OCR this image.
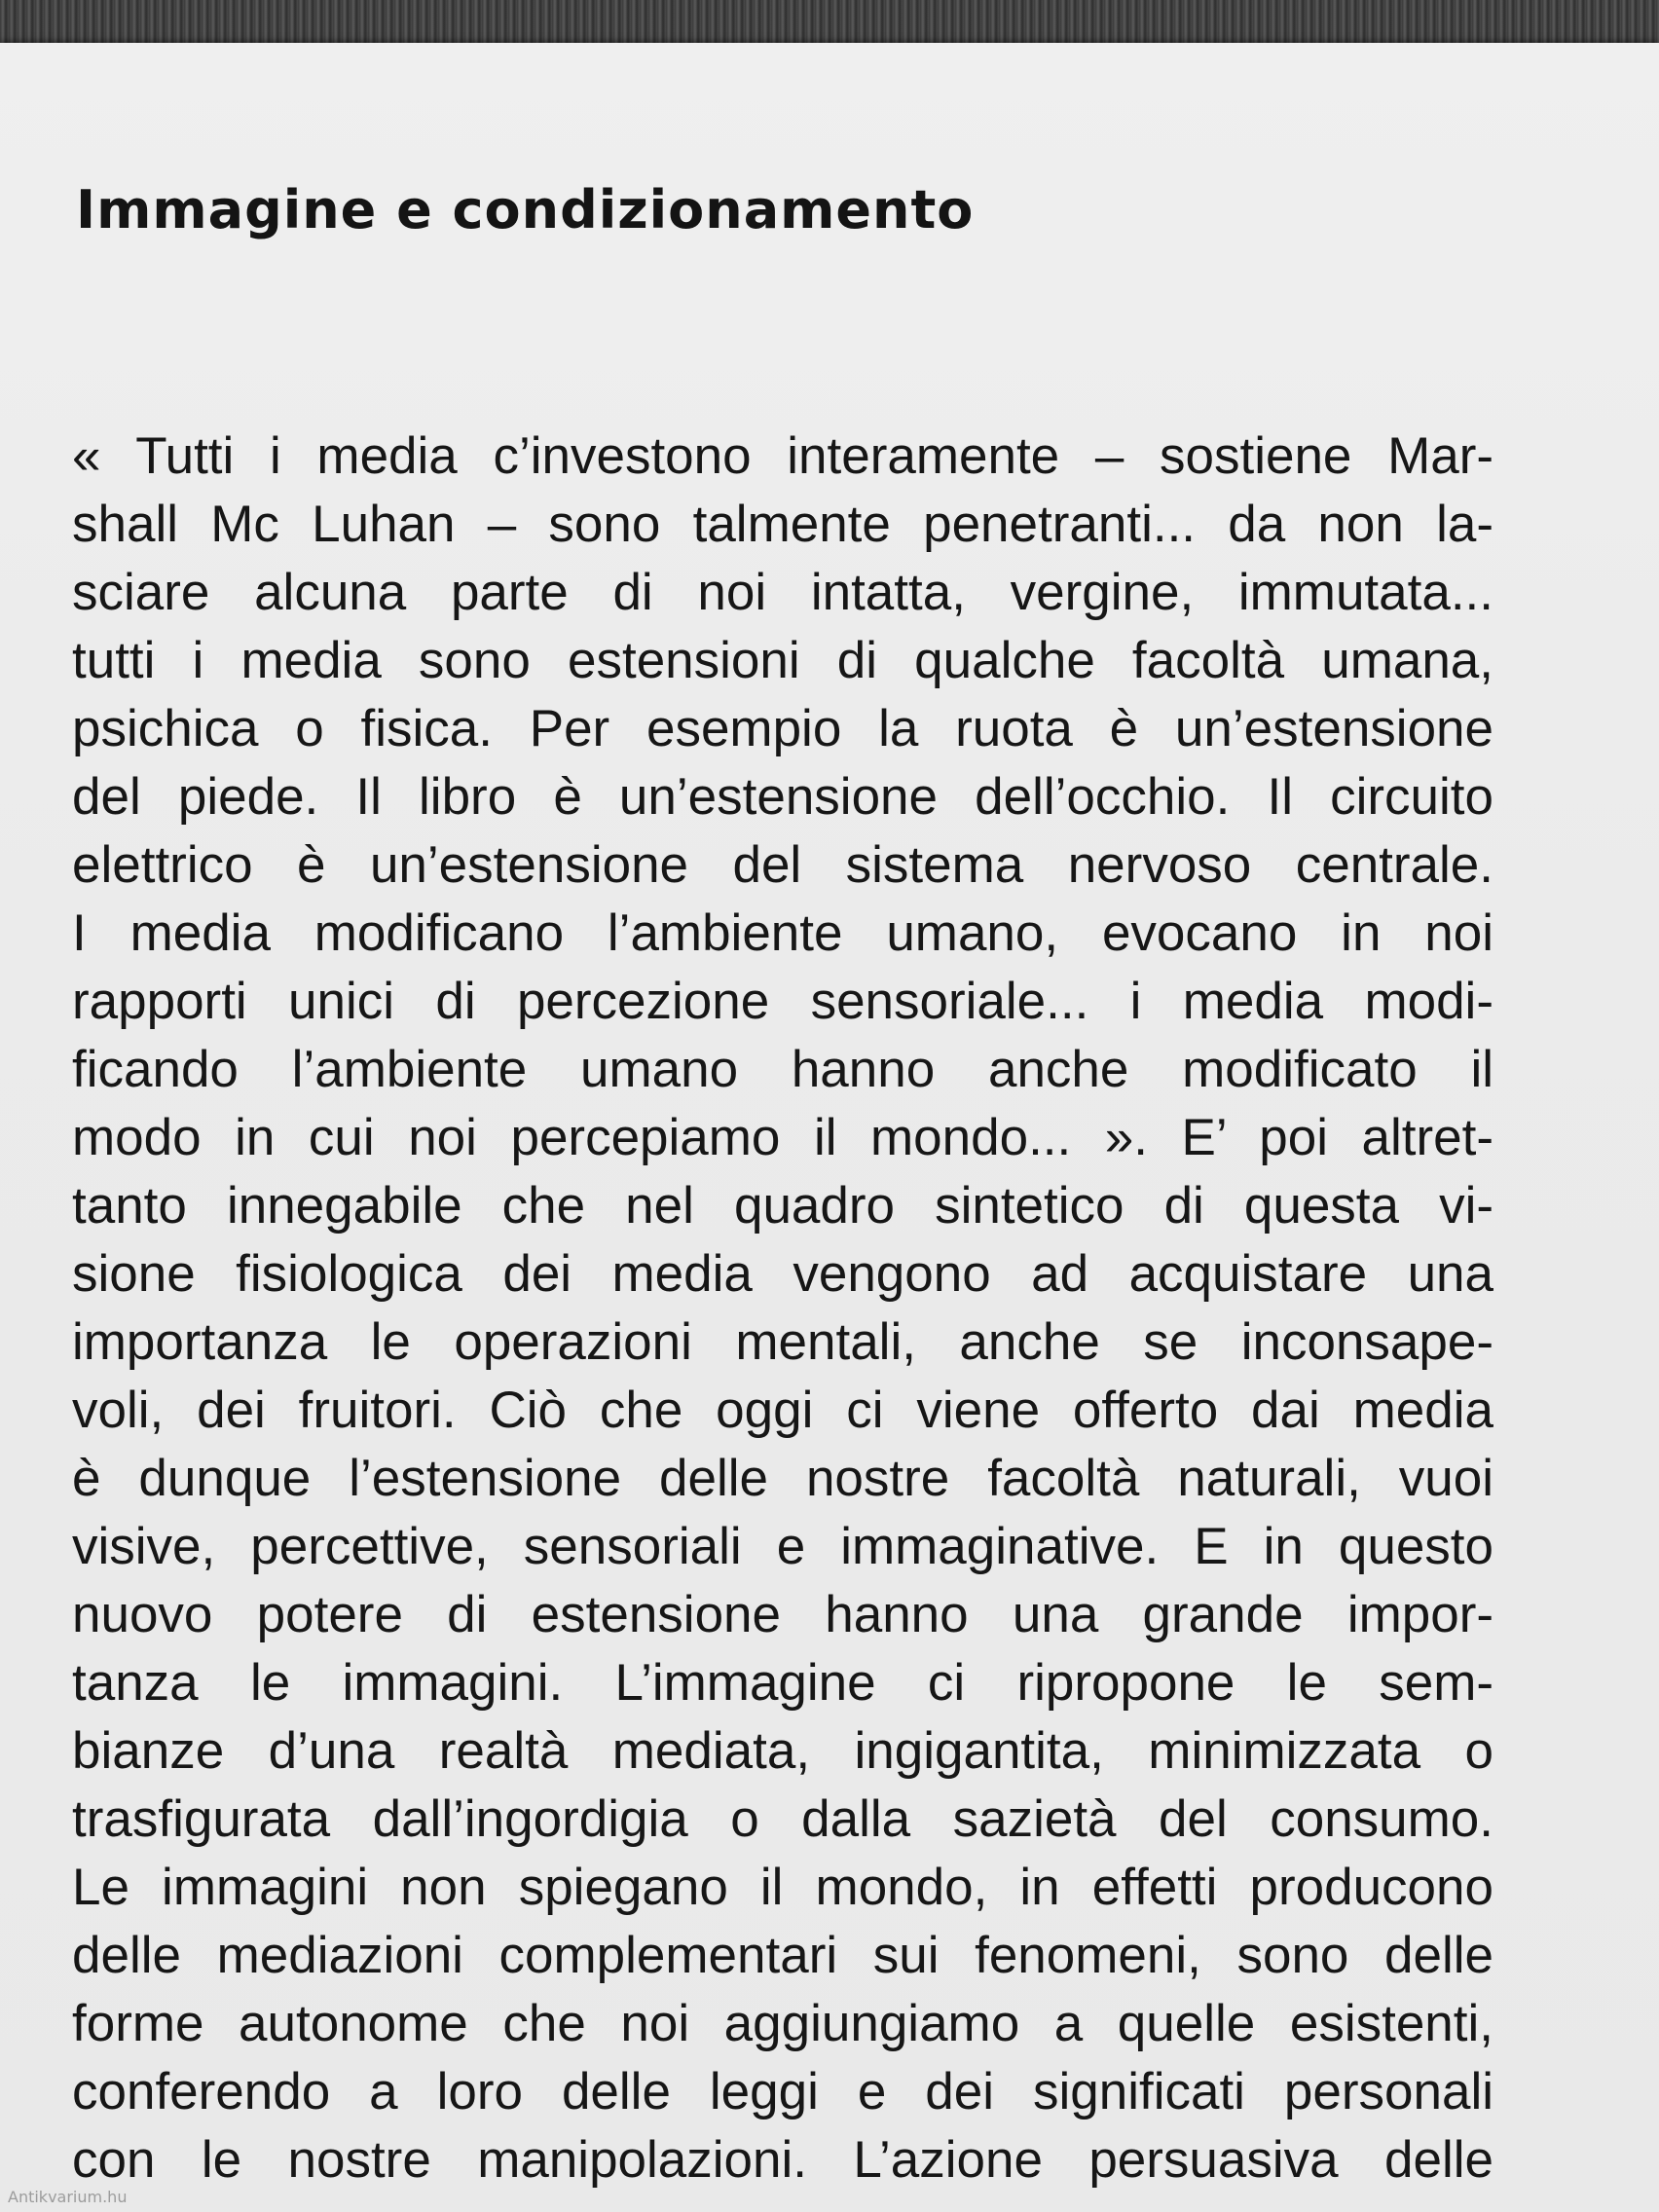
Immagine e condizionamento
« Tutti i media c’investono interamente – sostiene Mar-
shall Mc Luhan – sono talmente penetranti... da non la-
sciare alcuna parte di noi intatta, vergine, immutata...
tutti i media sono estensioni di qualche facoltà umana,
psichica o fisica. Per esempio la ruota è un’estensione
del piede. Il libro è un’estensione dell’occhio. Il circuito
elettrico è un’estensione del sistema nervoso centrale.
I media modificano l’ambiente umano, evocano in noi
rapporti unici di percezione sensoriale... i media modi-
ficando l’ambiente umano hanno anche modificato il
modo in cui noi percepiamo il mondo... ». E’ poi altret-
tanto innegabile che nel quadro sintetico di questa vi-
sione fisiologica dei media vengono ad acquistare una
importanza le operazioni mentali, anche se inconsape-
voli, dei fruitori. Ciò che oggi ci viene offerto dai media
è dunque l’estensione delle nostre facoltà naturali, vuoi
visive, percettive, sensoriali e immaginative. E in questo
nuovo potere di estensione hanno una grande impor-
tanza le immagini. L’immagine ci ripropone le sem-
bianze d’una realtà mediata, ingigantita, minimizzata o
trasfigurata dall’ingordigia o dalla sazietà del consumo.
Le immagini non spiegano il mondo, in effetti producono
delle mediazioni complementari sui fenomeni, sono delle
forme autonome che noi aggiungiamo a quelle esistenti,
conferendo a loro delle leggi e dei significati personali
con le nostre manipolazioni. L’azione persuasiva delle
Antikvarium.hu
